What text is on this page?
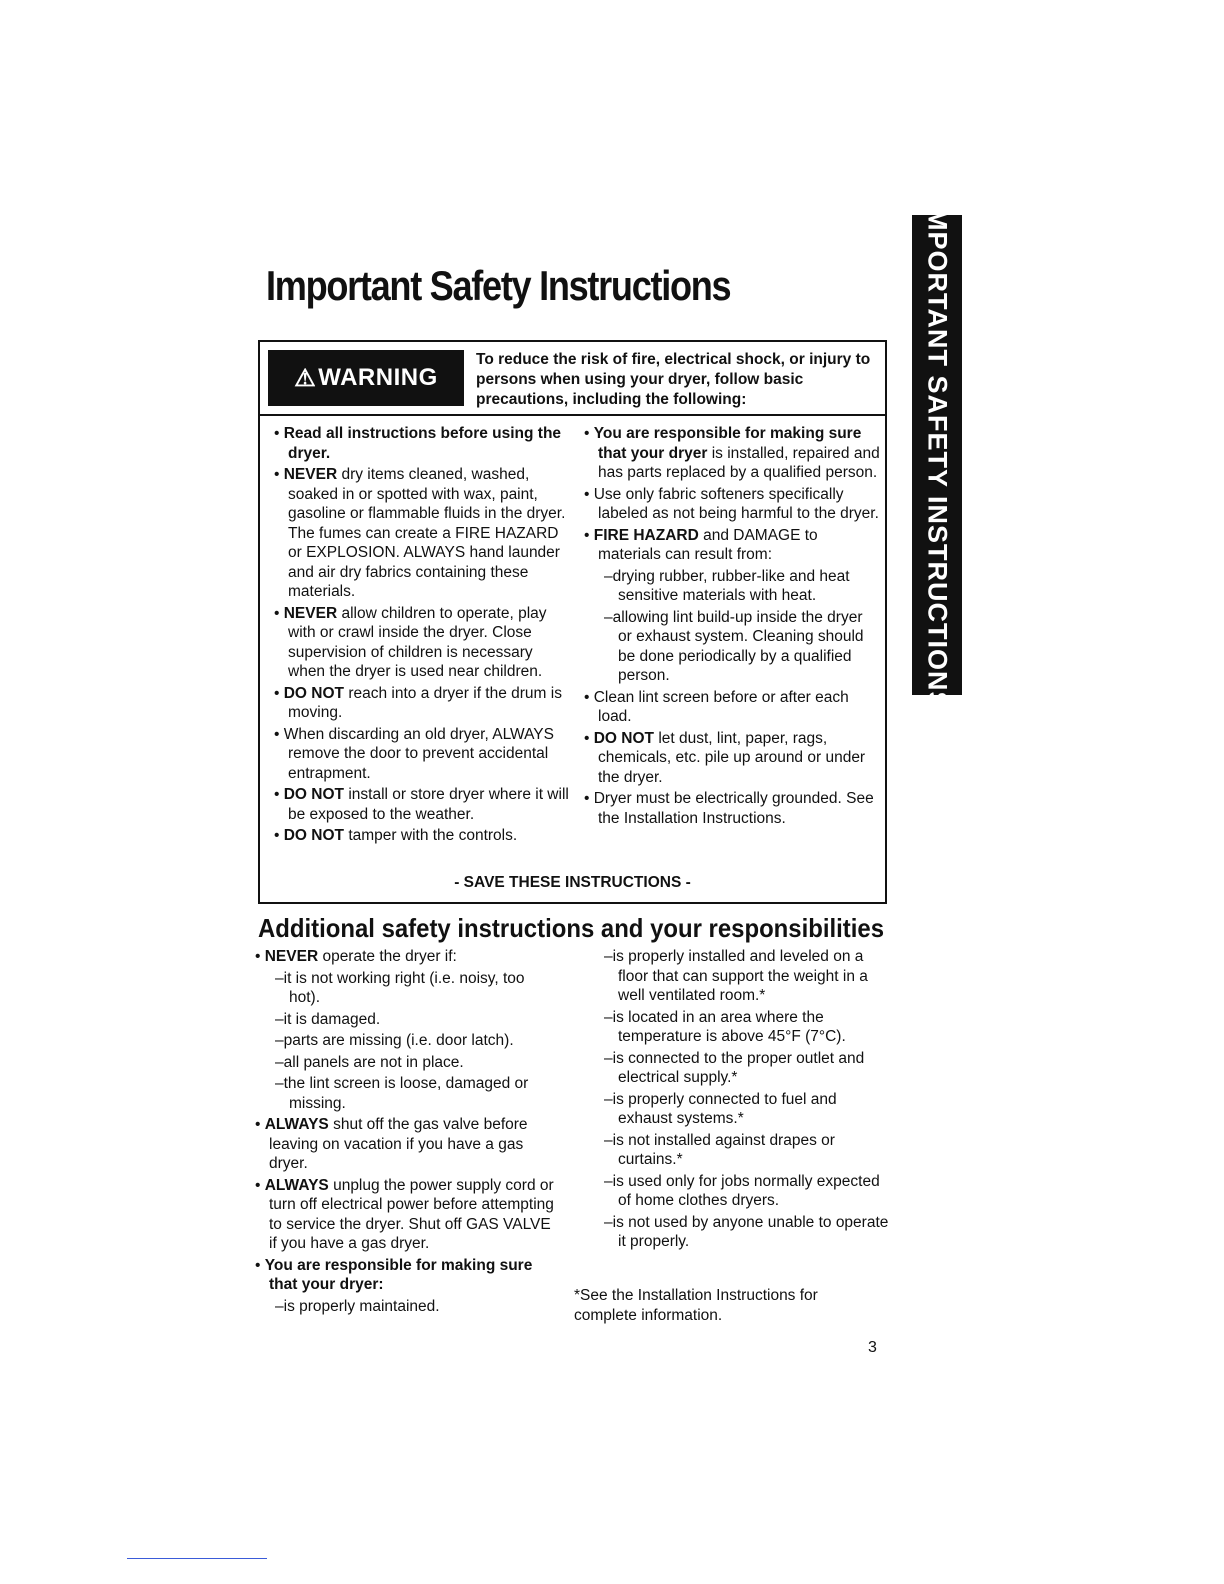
IMPORTANT SAFETY INSTRUCTIONS
Important Safety Instructions
⚠ WARNING
To reduce the risk of fire, electrical shock, or injury to persons when using your dryer, follow basic precautions, including the following:
• Read all instructions before using the dryer.
• NEVER dry items cleaned, washed, soaked in or spotted with wax, paint, gasoline or flammable fluids in the dryer. The fumes can create a FIRE HAZARD or EXPLOSION. ALWAYS hand launder and air dry fabrics containing these materials.
• NEVER allow children to operate, play with or crawl inside the dryer. Close supervision of children is necessary when the dryer is used near children.
• DO NOT reach into a dryer if the drum is moving.
• When discarding an old dryer, ALWAYS remove the door to prevent accidental entrapment.
• DO NOT install or store dryer where it will be exposed to the weather.
• DO NOT tamper with the controls.
• You are responsible for making sure that your dryer is installed, repaired and has parts replaced by a qualified person.
• Use only fabric softeners specifically labeled as not being harmful to the dryer.
• FIRE HAZARD and DAMAGE to materials can result from:
–drying rubber, rubber-like and heat sensitive materials with heat.
–allowing lint build-up inside the dryer or exhaust system. Cleaning should be done periodically by a qualified person.
• Clean lint screen before or after each load.
• DO NOT let dust, lint, paper, rags, chemicals, etc. pile up around or under the dryer.
• Dryer must be electrically grounded. See the Installation Instructions.
- SAVE THESE INSTRUCTIONS -
Additional safety instructions and your responsibilities
• NEVER operate the dryer if:
–it is not working right (i.e. noisy, too hot).
–it is damaged.
–parts are missing (i.e. door latch).
–all panels are not in place.
–the lint screen is loose, damaged or missing.
• ALWAYS shut off the gas valve before leaving on vacation if you have a gas dryer.
• ALWAYS unplug the power supply cord or turn off electrical power before attempting to service the dryer. Shut off GAS VALVE if you have a gas dryer.
• You are responsible for making sure that your dryer:
–is properly maintained.
–is properly installed and leveled on a floor that can support the weight in a well ventilated room.*
–is located in an area where the temperature is above 45°F (7°C).
–is connected to the proper outlet and electrical supply.*
–is properly connected to fuel and exhaust systems.*
–is not installed against drapes or curtains.*
–is used only for jobs normally expected of home clothes dryers.
–is not used by anyone unable to operate it properly.
*See the Installation Instructions for complete information.
3
